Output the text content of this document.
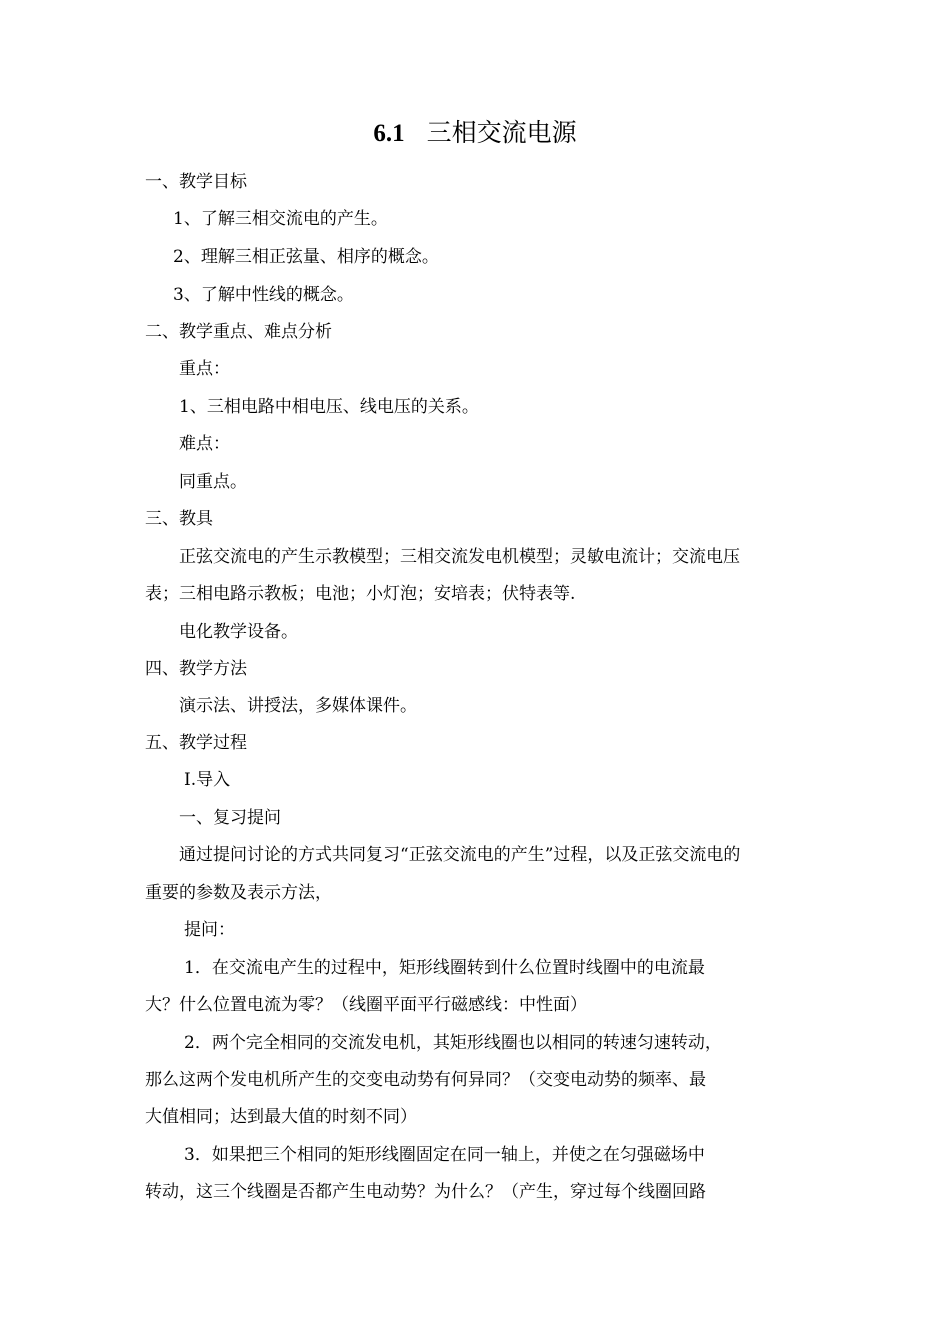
6.1 三相交流电源
一、教学目标
1、了解三相交流电的产生。
2、理解三相正弦量、相序的概念。
3、了解中性线的概念。
二、教学重点、难点分析
重点：
1、三相电路中相电压、线电压的关系。
难点：
同重点。
三、教具
正弦交流电的产生示教模型；三相交流发电机模型；灵敏电流计；交流电压
表；三相电路示教板；电池；小灯泡；安培表；伏特表等.
电化教学设备。
四、教学方法
演示法、讲授法，多媒体课件。
五、教学过程
Ⅰ.导入
一、复习提问
通过提问讨论的方式共同复习“正弦交流电的产生”过程，以及正弦交流电的
重要的参数及表示方法，
提问：
1．在交流电产生的过程中，矩形线圈转到什么位置时线圈中的电流最
大？什么位置电流为零？（线圈平面平行磁感线：中性面）
2．两个完全相同的交流发电机，其矩形线圈也以相同的转速匀速转动，
那么这两个发电机所产生的交变电动势有何异同？（交变电动势的频率、最
大值相同；达到最大值的时刻不同）
3．如果把三个相同的矩形线圈固定在同一轴上，并使之在匀强磁场中
转动，这三个线圈是否都产生电动势？为什么？（产生，穿过每个线圈回路
